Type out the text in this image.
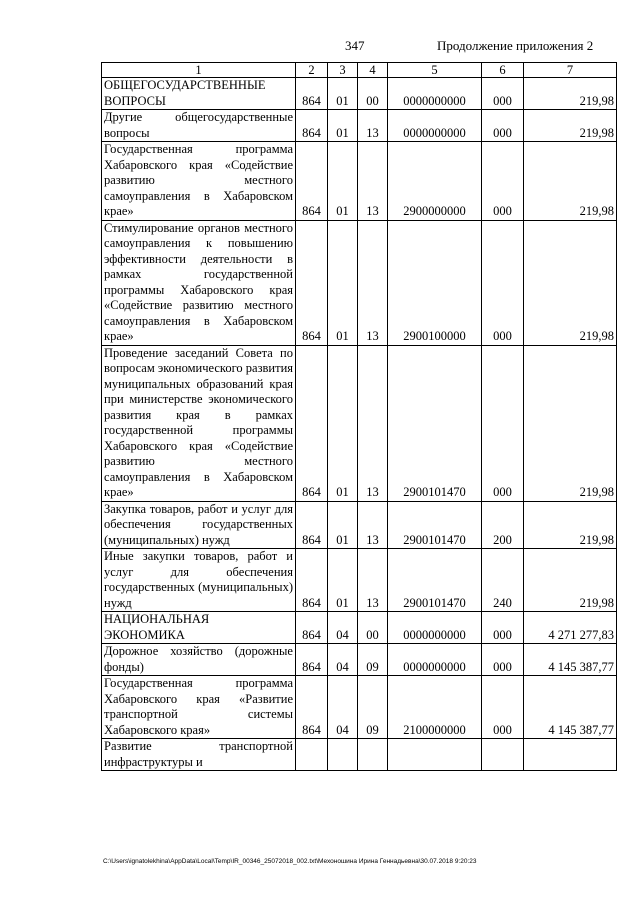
347	Продолжение приложения 2
1	2	3	4	5	6	7
ОБЩЕГОСУДАРСТВЕННЫЕ ВОПРОСЫ	864	01	00	0000000000	000	219,98
Другие общегосударственные вопросы	864	01	13	0000000000	000	219,98
Государственная программа Хабаровского края «Содействие развитию местного самоуправления в Хабаровском крае»	864	01	13	2900000000	000	219,98
Стимулирование органов местного самоуправления к повышению эффективности деятельности в рамках государственной программы Хабаровского края «Содействие развитию местного самоуправления в Хабаровском крае»	864	01	13	2900100000	000	219,98
Проведение заседаний Совета по вопросам экономического развития муниципальных образований края при министерстве экономического развития края в рамках государственной программы Хабаровского края «Содействие развитию местного самоуправления в Хабаровском крае»	864	01	13	2900101470	000	219,98
Закупка товаров, работ и услуг для обеспечения государственных (муниципальных) нужд	864	01	13	2900101470	200	219,98
Иные закупки товаров, работ и услуг для обеспечения государственных (муниципальных) нужд	864	01	13	2900101470	240	219,98
НАЦИОНАЛЬНАЯ ЭКОНОМИКА	864	04	00	0000000000	000	4 271 277,83
Дорожное хозяйство (дорожные фонды)	864	04	09	0000000000	000	4 145 387,77
Государственная программа Хабаровского края «Развитие транспортной системы Хабаровского края»	864	04	09	2100000000	000	4 145 387,77
Развитие транспортной инфраструктуры и						
C:\Users\ignatolekhina\AppData\Local\Temp\IR_00346_25072018_002.txt\Мехоношина Ирина Геннадьевна\30.07.2018 9:20:23
